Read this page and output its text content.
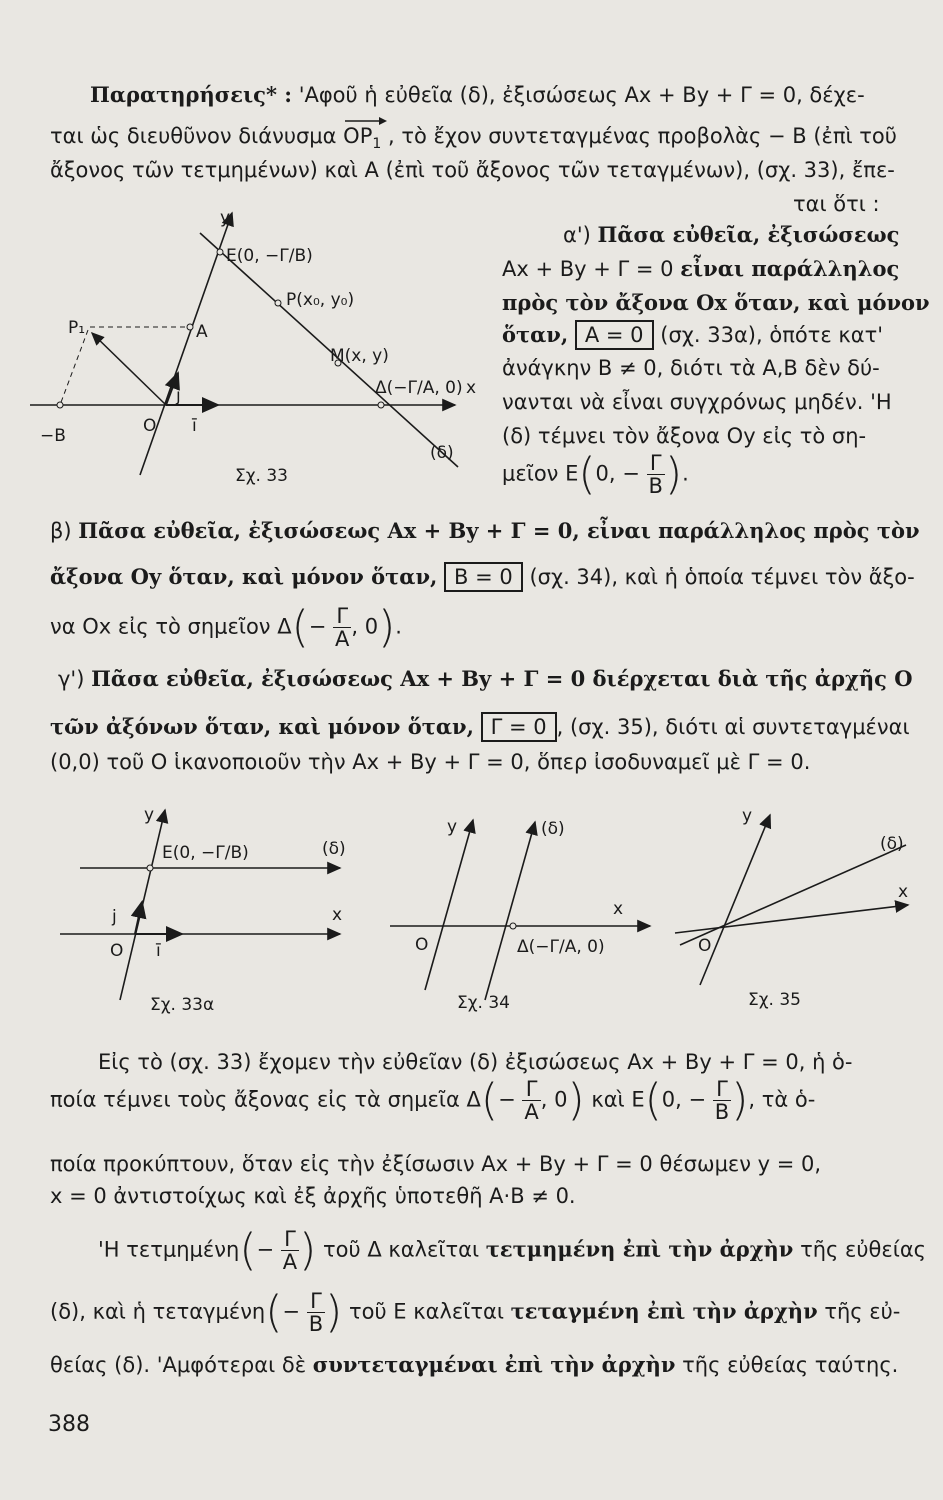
Παρατηρήσεις* : 'Αφοῦ ἡ εὐθεῖα (δ), ἐξισώσεως Ax + By + Γ = 0, δέχε-
ται ὡς διευθῦνον διάνυσμα $OP_1$ , τὸ ἔχον συντεταγμένας προβολὰς − B (ἐπὶ τοῦ
ἄξονος τῶν τετμημένων) καὶ A (ἐπὶ τοῦ ἄξονος τῶν τεταγμένων), (σχ. 33), ἔπε-
ται ὅτι :
α') Πᾶσα εὐθεῖα, ἐξισώσεως
Ax + By + Γ = 0 εἶναι παράλληλος
πρὸς τὸν ἄξονα Ox ὅταν, καὶ μόνον
ὅταν, A = 0 (σχ. 33α), ὁπότε κατ'
ἀνάγκην B ≠ 0, διότι τὰ A,B δὲν δύ-
νανται νὰ εἶναι συγχρόνως μηδέν. 'Η
(δ) τέμνει τὸν ἄξονα Oy εἰς τὸ ση-
μεῖον E(0, − $\frac{\Gamma}{B}$ ).
y
E(0, −Γ/B)
P(x₀, y₀)
M(x, y)
Δ(−Γ/A, 0) x
A
P₁
−B	O ī
j
(δ)
Σχ. 33
β) Πᾶσα εὐθεῖα, ἐξισώσεως Ax + By + Γ = 0, εἶναι παράλληλος πρὸς τὸν
ἄξονα Oy ὅταν, καὶ μόνον ὅταν, B = 0 (σχ. 34), καὶ ἡ ὁποία τέμνει τὸν ἄξο-
να Ox εἰς τὸ σημεῖον $\Delta(- \frac{\Gamma}{A}$ , 0).
γ') Πᾶσα εὐθεῖα, ἐξισώσεως Ax + By + Γ = 0 διέρχεται διὰ τῆς ἀρχῆς O
τῶν ἀξόνων ὅταν, καὶ μόνον ὅταν, Γ = 0 , (σχ. 35), διότι αἱ συντεταγμέναι
(0,0) τοῦ O ἱκανοποιοῦν τὴν Ax + By + Γ = 0, ὅπερ ἰσοδυναμεῖ μὲ Γ = 0.
y
E(0, −Γ/B)	(δ)
x
j
O ī
Σχ. 33α
y	(δ)
x
O	Δ(−Γ/A, 0)
Σχ. 34
y
(δ)
x
O
Σχ. 35
Εἰς τὸ (σχ. 33) ἔχομεν τὴν εὐθεῖαν (δ) ἐξισώσεως Ax + By + Γ = 0, ἡ ὁ-
ποία τέμνει τοὺς ἄξονας εἰς τὰ σημεῖα $\Delta(- \frac{\Gamma}{A}$ , 0) καὶ E(0, − $\frac{\Gamma}{B}$ ), τὰ ὁ-
ποία προκύπτουν, ὅταν εἰς τὴν ἐξίσωσιν Ax + By + Γ = 0 θέσωμεν y = 0,
x = 0 ἀντιστοίχως καὶ ἐξ ἀρχῆς ὑποτεθῆ A·B ≠ 0.
'Η $\tau\varepsilon\tau\mu\eta\mu έ\nu\eta(- \frac{\Gamma}{A}$ ) τοῦ Δ καλεῖται τετμημένη ἐπὶ τὴν ἀρχὴν τῆς εὐθείας
(δ), καὶ ἡ $\tau\varepsilon\tau\alpha\gamma\mu έ\nu\eta(- \frac{\Gamma}{B}$ ) τοῦ E καλεῖται τεταγμένη ἐπὶ τὴν ἀρχὴν τῆς εὐ-
θείας (δ). 'Αμφότεραι δὲ συντεταγμέναι ἐπὶ τὴν ἀρχὴν τῆς εὐθείας ταύτης.
388
